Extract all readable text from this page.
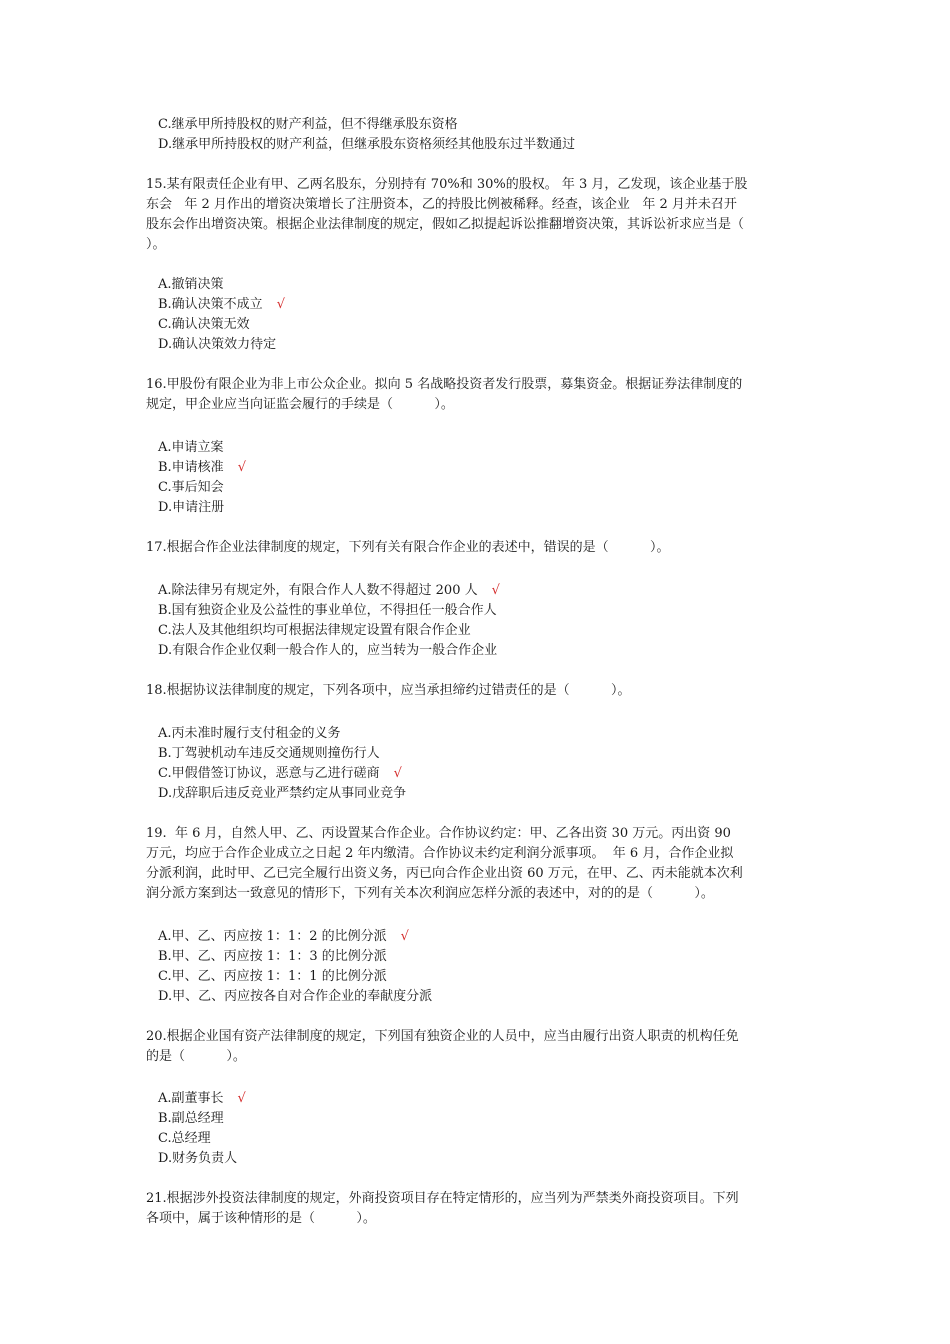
C.继承甲所持股权的财产利益，但不得继承股东资格
D.继承甲所持股权的财产利益，但继承股东资格须经其他股东过半数通过
15.某有限责任企业有甲、乙两名股东，分别持有 70%和 30%的股权。 年 3 月，乙发现，该企业基于股
东会   年 2 月作出的增资决策增长了注册资本，乙的持股比例被稀释。经查，该企业   年 2 月并未召开
股东会作出增资决策。根据企业法律制度的规定，假如乙拟提起诉讼推翻增资决策，其诉讼祈求应当是（
）。
A.撤销决策
B.确认决策不成立 √
C.确认决策无效
D.确认决策效力待定
16.甲股份有限企业为非上市公众企业。拟向 5 名战略投资者发行股票，募集资金。根据证券法律制度的
规定，甲企业应当向证监会履行的手续是（          ）。
A.申请立案
B.申请核准 √
C.事后知会
D.申请注册
17.根据合作企业法律制度的规定，下列有关有限合作企业的表述中，错误的是（          ）。
A.除法律另有规定外，有限合作人人数不得超过 200 人 √
B.国有独资企业及公益性的事业单位，不得担任一般合作人
C.法人及其他组织均可根据法律规定设置有限合作企业
D.有限合作企业仅剩一般合作人的，应当转为一般合作企业
18.根据协议法律制度的规定，下列各项中，应当承担缔约过错责任的是（          ）。
A.丙未准时履行支付租金的义务
B.丁驾驶机动车违反交通规则撞伤行人
C.甲假借签订协议，恶意与乙进行磋商 √
D.戊辞职后违反竞业严禁约定从事同业竞争
19.  年 6 月，自然人甲、乙、丙设置某合作企业。合作协议约定：甲、乙各出资 30 万元。丙出资 90
万元，均应于合作企业成立之日起 2 年内缴清。合作协议未约定利润分派事项。  年 6 月，合作企业拟
分派利润，此时甲、乙已完全履行出资义务，丙已向合作企业出资 60 万元，在甲、乙、丙未能就本次利
润分派方案到达一致意见的情形下，下列有关本次利润应怎样分派的表述中，对的的是（          ）。
A.甲、乙、丙应按 1：1：2 的比例分派 √
B.甲、乙、丙应按 1：1：3 的比例分派
C.甲、乙、丙应按 1：1：1 的比例分派
D.甲、乙、丙应按各自对合作企业的奉献度分派
20.根据企业国有资产法律制度的规定，下列国有独资企业的人员中，应当由履行出资人职责的机构任免
的是（          ）。
A.副董事长 √
B.副总经理
C.总经理
D.财务负责人
21.根据涉外投资法律制度的规定，外商投资项目存在特定情形的，应当列为严禁类外商投资项目。下列
各项中，属于该种情形的是（          ）。
